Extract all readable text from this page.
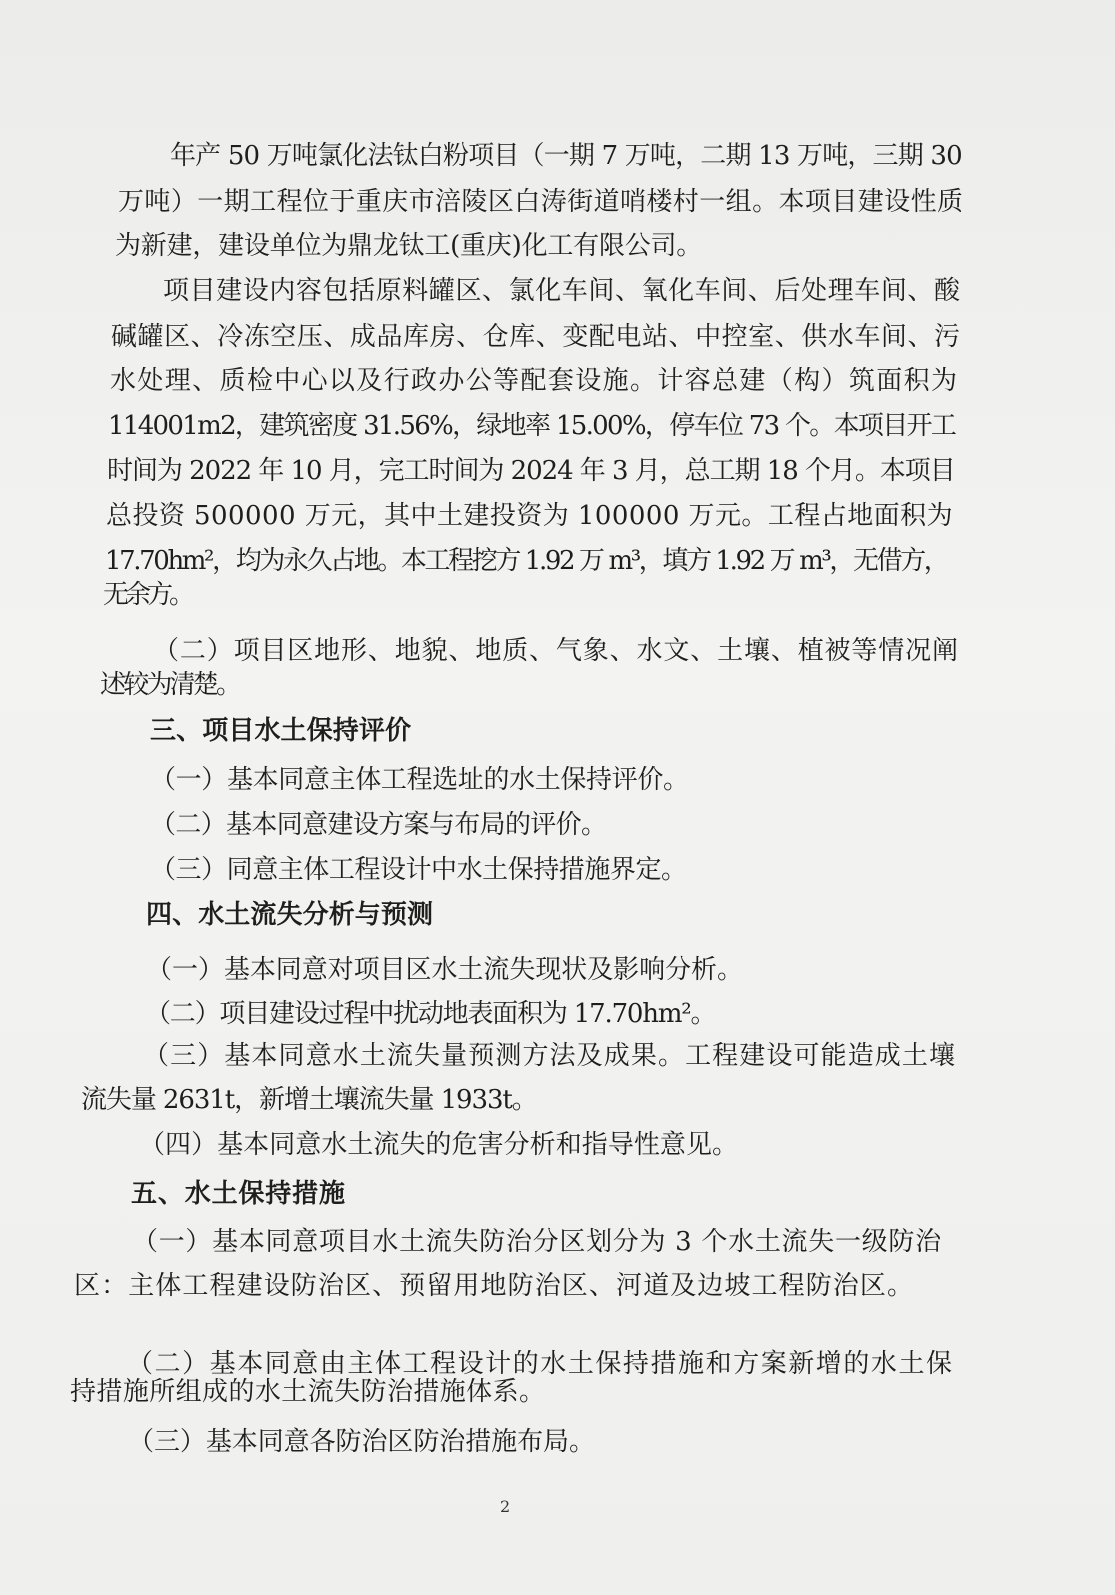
年产 50 万吨氯化法钛白粉项目（一期 7 万吨，二期 13 万吨，三期 30
万吨）一期工程位于重庆市涪陵区白涛街道哨楼村一组。本项目建设性质
为新建，建设单位为鼎龙钛工(重庆)化工有限公司。
项目建设内容包括原料罐区、氯化车间、氧化车间、后处理车间、酸
碱罐区、冷冻空压、成品库房、仓库、变配电站、中控室、供水车间、污
水处理、质检中心以及行政办公等配套设施。计容总建（构）筑面积为
114001m2，建筑密度 31.56%，绿地率 15.00%，停车位 73 个。本项目开工
时间为 2022 年 10 月，完工时间为 2024 年 3 月，总工期 18 个月。本项目
总投资 500000 万元，其中土建投资为 100000 万元。工程占地面积为
17.70hm²，均为永久占地。本工程挖方 1.92 万 m³，填方 1.92 万 m³，无借方，
无余方。
（二）项目区地形、地貌、地质、气象、水文、土壤、植被等情况阐
述较为清楚。
三、项目水土保持评价
（一）基本同意主体工程选址的水土保持评价。
（二）基本同意建设方案与布局的评价。
（三）同意主体工程设计中水土保持措施界定。
四、水土流失分析与预测
（一）基本同意对项目区水土流失现状及影响分析。
（二）项目建设过程中扰动地表面积为 17.70hm²。
（三）基本同意水土流失量预测方法及成果。工程建设可能造成土壤
流失量 2631t，新增土壤流失量 1933t。
（四）基本同意水土流失的危害分析和指导性意见。
五、水土保持措施
（一）基本同意项目水土流失防治分区划分为 3 个水土流失一级防治
区：主体工程建设防治区、预留用地防治区、河道及边坡工程防治区。
（二）基本同意由主体工程设计的水土保持措施和方案新增的水土保
持措施所组成的水土流失防治措施体系。
（三）基本同意各防治区防治措施布局。
2
